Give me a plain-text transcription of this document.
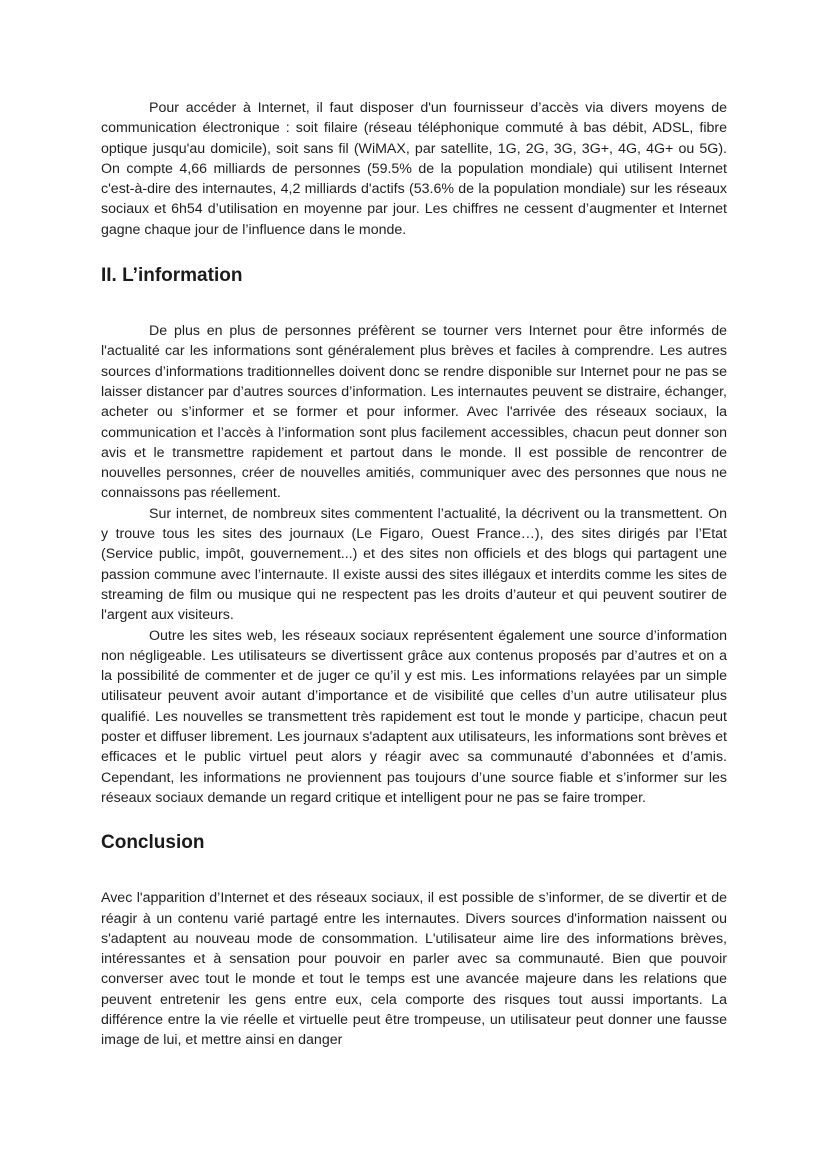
Pour accéder à Internet, il faut disposer d'un fournisseur d’accès via divers moyens de communication électronique : soit filaire (réseau téléphonique commuté à bas débit, ADSL, fibre optique jusqu'au domicile), soit sans fil (WiMAX, par satellite, 1G, 2G, 3G, 3G+, 4G, 4G+ ou 5G). On compte 4,66 milliards de personnes (59.5% de la population mondiale) qui utilisent Internet c'est-à-dire des internautes, 4,2 milliards d'actifs (53.6% de la population mondiale) sur les réseaux sociaux et 6h54 d’utilisation en moyenne par jour. Les chiffres ne cessent d’augmenter et Internet gagne chaque jour de l’influence dans le monde.

II. L’information

De plus en plus de personnes préfèrent se tourner vers Internet pour être informés de l'actualité car les informations sont généralement plus brèves et faciles à comprendre. Les autres sources d’informations traditionnelles doivent donc se rendre disponible sur Internet pour ne pas se laisser distancer par d’autres sources d’information. Les internautes peuvent se distraire, échanger, acheter ou s’informer et se former et pour informer. Avec l'arrivée des réseaux sociaux, la communication et l’accès à l’information sont plus facilement accessibles, chacun peut donner son avis et le transmettre rapidement et partout dans le monde. Il est possible de rencontrer de nouvelles personnes, créer de nouvelles amitiés, communiquer avec des personnes que nous ne connaissons pas réellement.

Sur internet, de nombreux sites commentent l’actualité, la décrivent ou la transmettent. On y trouve tous les sites des journaux (Le Figaro, Ouest France…), des sites dirigés par l’Etat (Service public, impôt, gouvernement...) et des sites non officiels et des blogs qui partagent une passion commune avec l’internaute. Il existe aussi des sites illégaux et interdits comme les sites de streaming de film ou musique qui ne respectent pas les droits d’auteur et qui peuvent soutirer de l'argent aux visiteurs.

Outre les sites web, les réseaux sociaux représentent également une source d’information non négligeable. Les utilisateurs se divertissent grâce aux contenus proposés par d’autres et on a la possibilité de commenter et de juger ce qu’il y est mis. Les informations relayées par un simple utilisateur peuvent avoir autant d’importance et de visibilité que celles d’un autre utilisateur plus qualifié. Les nouvelles se transmettent très rapidement est tout le monde y participe, chacun peut poster et diffuser librement. Les journaux s'adaptent aux utilisateurs, les informations sont brèves et efficaces et le public virtuel peut alors y réagir avec sa communauté d’abonnées et d’amis. Cependant, les informations ne proviennent pas toujours d’une source fiable et s’informer sur les réseaux sociaux demande un regard critique et intelligent pour ne pas se faire tromper.

Conclusion

Avec l'apparition d’Internet et des réseaux sociaux, il est possible de s’informer, de se divertir et de réagir à un contenu varié partagé entre les internautes. Divers sources d'information naissent ou s'adaptent au nouveau mode de consommation. L'utilisateur aime lire des informations brèves, intéressantes et à sensation pour pouvoir en parler avec sa communauté. Bien que pouvoir converser avec tout le monde et tout le temps est une avancée majeure dans les relations que peuvent entretenir les gens entre eux, cela comporte des risques tout aussi importants. La différence entre la vie réelle et virtuelle peut être trompeuse, un utilisateur peut donner une fausse image de lui, et mettre ainsi en danger
